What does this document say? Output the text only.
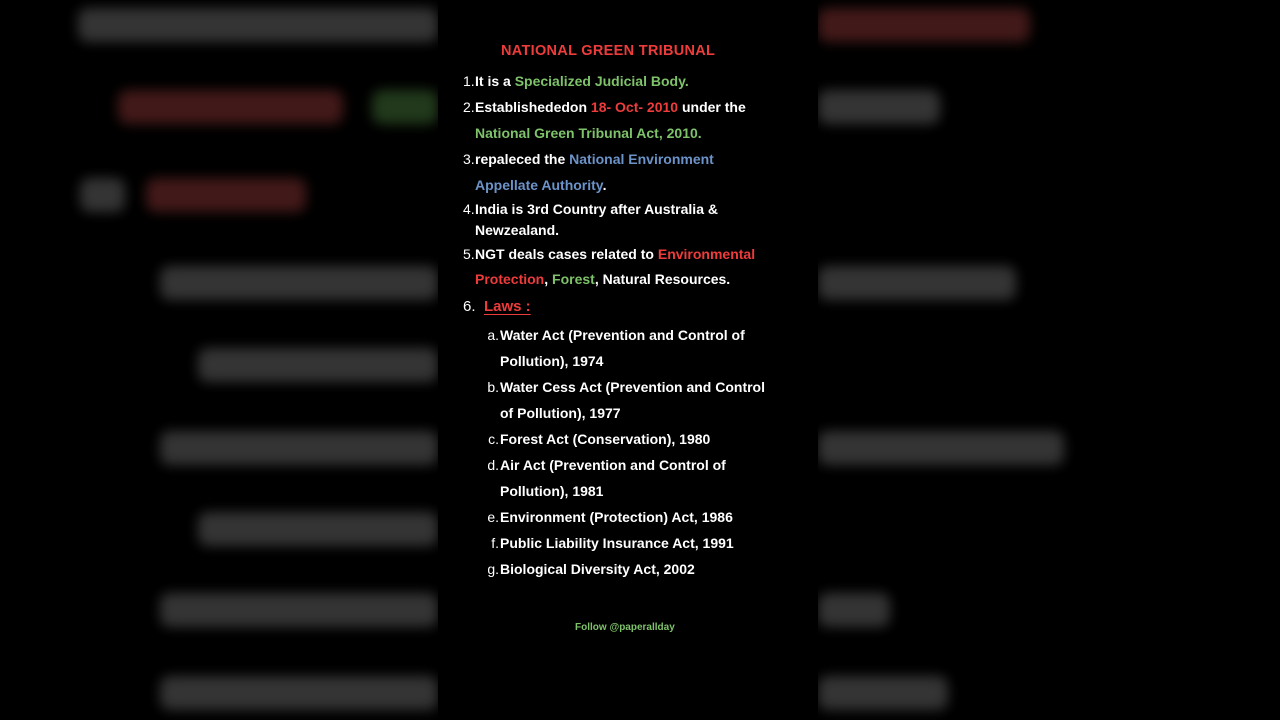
NATIONAL GREEN TRIBUNAL
1. It is a Specialized Judicial Body.
2. Establishededon 18- Oct- 2010 under the
National Green Tribunal Act, 2010.
3. repaleced the National Environment
Appellate Authority.
4. India is 3rd Country after Australia &
Newzealand.
5. NGT deals cases related to Environmental
Protection, Forest, Natural Resources.
6. Laws :
a. Water Act (Prevention and Control of
Pollution), 1974
b. Water Cess Act (Prevention and Control
of Pollution), 1977
c. Forest Act (Conservation), 1980
d. Air Act (Prevention and Control of
Pollution), 1981
e. Environment (Protection) Act, 1986
f. Public Liability Insurance Act, 1991
g. Biological Diversity Act, 2002
Follow @paperallday
